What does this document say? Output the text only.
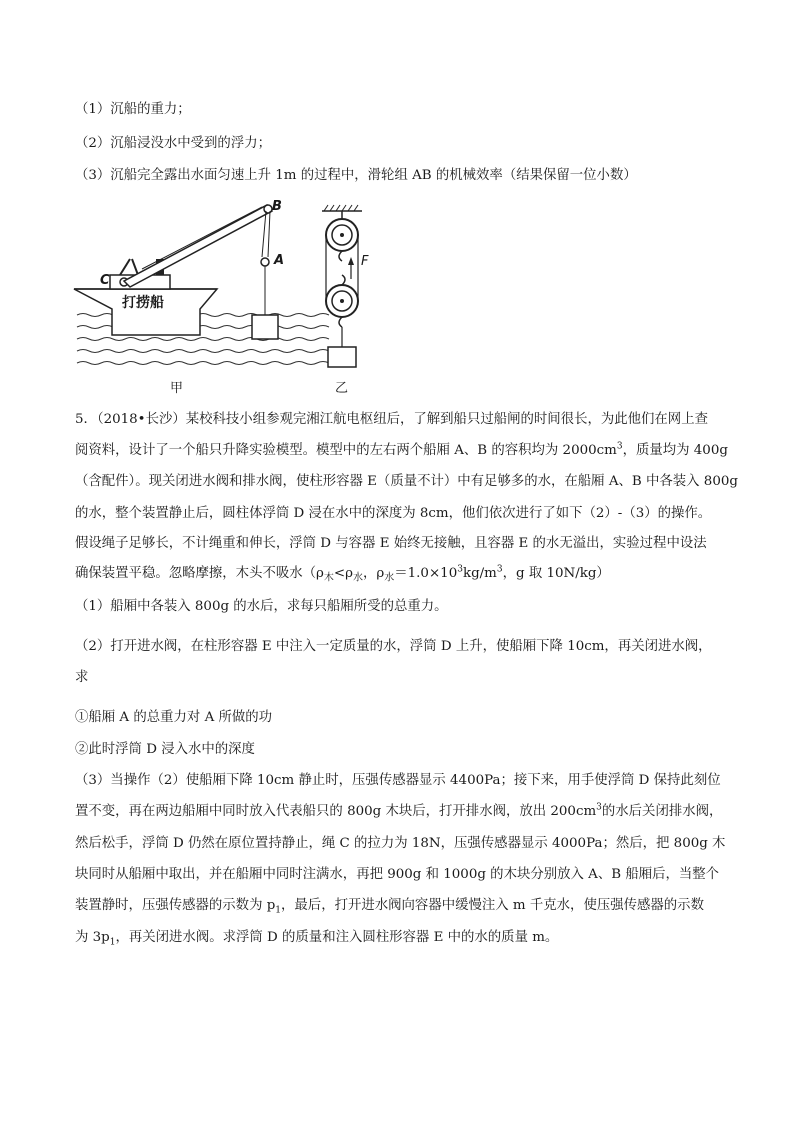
（1）沉船的重力；
（2）沉船浸没水中受到的浮力；
（3）沉船完全露出水面匀速上升 1m 的过程中，滑轮组 AB 的机械效率（结果保留一位小数）
B
A
C
打捞船
甲
F
乙
5．（2018•长沙）某校科技小组参观完湘江航电枢纽后，了解到船只过船闸的时间很长，为此他们在网上查
阅资料，设计了一个船只升降实验模型。模型中的左右两个船厢 A、B 的容积均为 $2000cm^3$，质量均为 400g
（含配件）。现关闭进水阀和排水阀，使柱形容器 E（质量不计）中有足够多的水，在船厢 A、B 中各装入 800g
的水，整个装置静止后，圆柱体浮筒 D 浸在水中的深度为 8cm，他们依次进行了如下（2）-（3）的操作。
假设绳子足够长，不计绳重和伸长，浮筒 D 与容器 E 始终无接触，且容器 E 的水无溢出，实验过程中设法
确保装置平稳。忽略摩擦，木头不吸水（$\rho_木<\rho_水$，$\rho_水=1.0\times 10^3kg/m^3$，g 取 10N/kg）
（1）船厢中各装入 800g 的水后，求每只船厢所受的总重力。
（2）打开进水阀，在柱形容器 E 中注入一定质量的水，浮筒 D 上升，使船厢下降 10cm，再关闭进水阀，
求
①船厢 A 的总重力对 A 所做的功
②此时浮筒 D 浸入水中的深度
（3）当操作（2）使船厢下降 10cm 静止时，压强传感器显示 4400Pa；接下来，用手使浮筒 D 保持此刻位
置不变，再在两边船厢中同时放入代表船只的 800g 木块后，打开排水阀，放出 $200cm^3$的水后关闭排水阀，
然后松手，浮筒 D 仍然在原位置持静止，绳 C 的拉力为 18N，压强传感器显示 4000Pa；然后，把 800g 木
块同时从船厢中取出，并在船厢中同时注满水，再把 900g 和 1000g 的木块分别放入 A、B 船厢后，当整个
装置静时，压强传感器的示数为 $p_1$，最后，打开进水阀向容器中缓慢注入 m 千克水，使压强传感器的示数
为 $3p_1$，再关闭进水阀。求浮筒 D 的质量和注入圆柱形容器 E 中的水的质量 m。
